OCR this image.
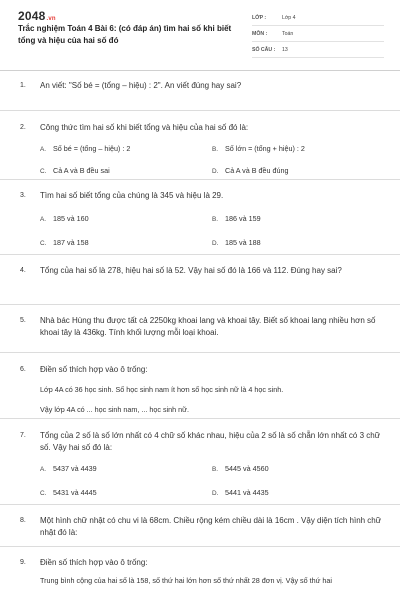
2048.vn
Trắc nghiệm Toán 4 Bài 6: (có đáp án) tìm hai số khi biết tổng và hiệu của hai số đó
LỚP :	Lớp 4
MÔN :	Toán
SỐ CÂU :	13
1. An viết: "Số bé = (tổng – hiệu) : 2". An viết đúng hay sai?
2. Công thức tìm hai số khi biết tổng và hiệu của hai số đó là:
A. Số bé = (tổng – hiệu) : 2	B. Số lớn = (tổng + hiệu) : 2
C. Cả A và B đều sai	D. Cả A và B đều đúng
3. Tìm hai số biết tổng của chúng là 345 và hiệu là 29.
A. 185 và 160	B. 186 và 159
C. 187 và 158	D. 185 và 188
4. Tổng của hai số là 278, hiệu hai số là 52. Vậy hai số đó là 166 và 112. Đúng hay sai?
5. Nhà bác Hùng thu được tất cả 2250kg khoai lang và khoai tây. Biết số khoai lang nhiều hơn số khoai tây là 436kg. Tính khối lượng mỗi loại khoai.
6. Điền số thích hợp vào ô trống:
Lớp 4A có 36 học sinh. Số học sinh nam ít hơn số học sinh nữ là 4 học sinh.
Vậy lớp 4A có ... học sinh nam, ... học sinh nữ.
7. Tổng của 2 số là số lớn nhất có 4 chữ số khác nhau, hiệu của 2 số là số chẵn lớn nhất có 3 chữ số. Vậy hai số đó là:
A. 5437 và 4439	B. 5445 và 4560
C. 5431 và 4445	D. 5441 và 4435
8. Một hình chữ nhật có chu vi là 68cm. Chiều rộng kém chiều dài là 16cm . Vậy diện tích hình chữ nhật đó là:
9. Điền số thích hợp vào ô trống:
Trung bình cộng của hai số là 158, số thứ hai lớn hơn số thứ nhất 28 đơn vị. Vậy số thứ hai
